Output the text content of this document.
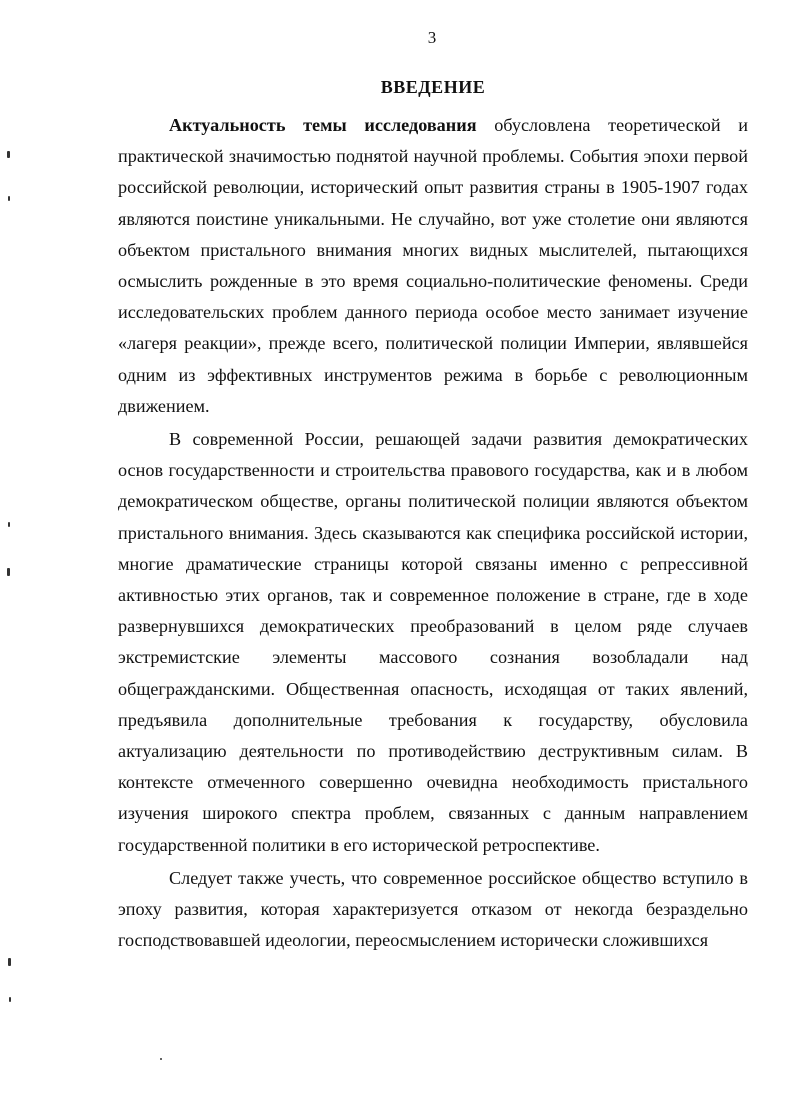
3
ВВЕДЕНИЕ

Актуальность темы исследования обусловлена теоретической и практической значимостью поднятой научной проблемы. События эпохи первой российской революции, исторический опыт развития страны в 1905-1907 годах являются поистине уникальными. Не случайно, вот уже столетие они являются объектом пристального внимания многих видных мыслителей, пытающихся осмыслить рожденные в это время социально-политические феномены. Среди исследовательских проблем данного периода особое место занимает изучение «лагеря реакции», прежде всего, политической полиции Империи, являвшейся одним из эффективных инструментов режима в борьбе с революционным движением.

В современной России, решающей задачи развития демократических основ государственности и строительства правового государства, как и в любом демократическом обществе, органы политической полиции являются объектом пристального внимания. Здесь сказываются как специфика российской истории, многие драматические страницы которой связаны именно с репрессивной активностью этих органов, так и современное положение в стране, где в ходе развернувшихся демократических преобразований в целом ряде случаев экстремистские элементы массового сознания возобладали над общегражданскими. Общественная опасность, исходящая от таких явлений, предъявила дополнительные требования к государству, обусловила актуализацию деятельности по противодействию деструктивным силам. В контексте отмеченного совершенно очевидна необходимость пристального изучения широкого спектра проблем, связанных с данным направлением государственной политики в его исторической ретроспективе.

Следует также учесть, что современное российское общество вступило в эпоху развития, которая характеризуется отказом от некогда безраздельно господствовавшей идеологии, переосмыслением исторически сложившихся
